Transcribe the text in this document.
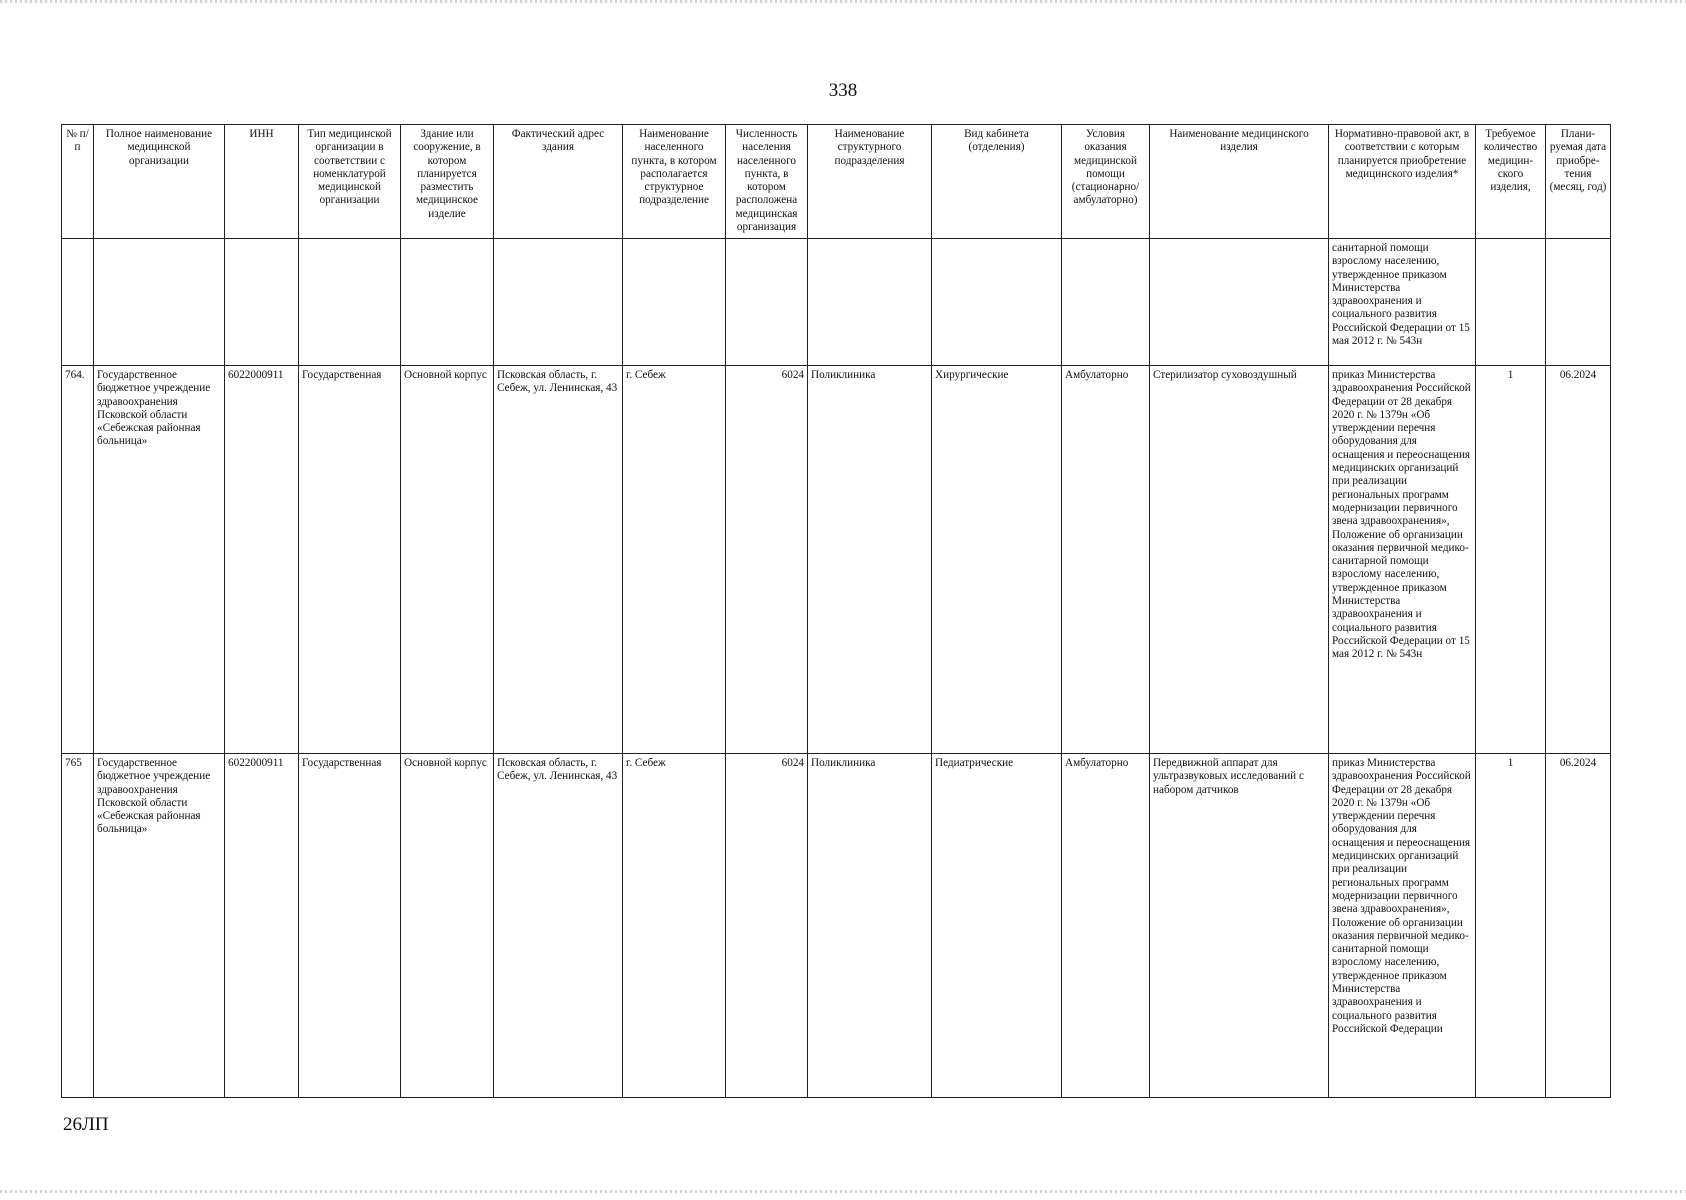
338
№ п/п	Полное наименование медицинской организации	ИНН	Тип медицинской организации в соответствии с номенклатурой медицинской организации	Здание или сооружение, в котором планируется разместить медицинское изделие	Фактический адрес здания	Наименование населенного пункта, в котором располагается структурное подразделение	Численность населения населенного пункта, в котором расположена медицинская организация	Наименование структурного подразделения	Вид кабинета (отделения)	Условия оказания медицинской помощи (стационарно/ амбулаторно)	Наименование медицинского изделия	Нормативно-правовой акт, в соответствии с которым планируется приобретение медицинского изделия*	Требуемое количество медицин-ского изделия,	Плани-руемая дата приобре-тения (месяц, год)
												санитарной помощи взрослому населению, утвержденное приказом Министерства здравоохранения и социального развития Российской Федерации от 15 мая 2012 г. № 543н		
764.	Государственное бюджетное учреждение здравоохранения Псковской области «Себежская районная больница»	6022000911	Государственная	Основной корпус	Псковская область, г. Себеж, ул. Ленинская, 43	г. Себеж	6024	Поликлиника	Хирургические	Амбулаторно	Стерилизатор суховоздушный	приказ Министерства здравоохранения Российской Федерации от 28 декабря 2020 г. № 1379н «Об утверждении перечня оборудования для оснащения и переоснащения медицинских организаций при реализации региональных программ модернизации первичного звена здравоохранения», Положение об организации оказания первичной медико-санитарной помощи взрослому населению, утвержденное приказом Министерства здравоохранения и социального развития Российской Федерации от 15 мая 2012 г. № 543н	1	06.2024
765	Государственное бюджетное учреждение здравоохранения Псковской области «Себежская районная больница»	6022000911	Государственная	Основной корпус	Псковская область, г. Себеж, ул. Ленинская, 43	г. Себеж	6024	Поликлиника	Педиатрические	Амбулаторно	Передвижной аппарат для ультразвуковых исследований с набором датчиков	приказ Министерства здравоохранения Российской Федерации от 28 декабря 2020 г. № 1379н «Об утверждении перечня оборудования для оснащения и переоснащения медицинских организаций при реализации региональных программ модернизации первичного звена здравоохранения», Положение об организации оказания первичной медико-санитарной помощи взрослому населению, утвержденное приказом Министерства здравоохранения и социального развития Российской Федерации	1	06.2024
26ЛП
